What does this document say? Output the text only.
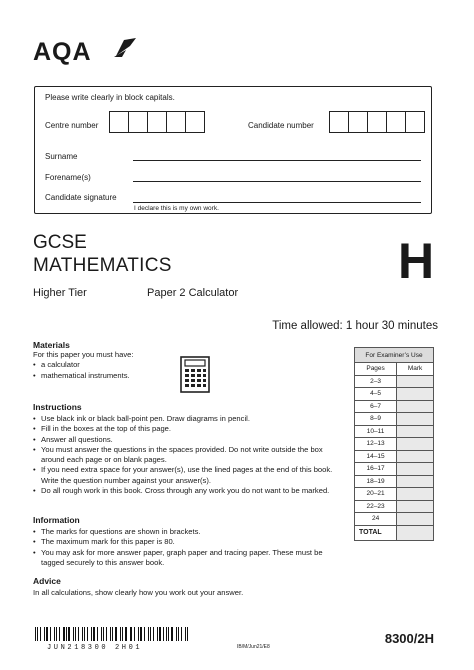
AQA
Please write clearly in block capitals.
Centre number	Candidate number
Surname
Forename(s)
Candidate signature
I declare this is my own work.
GCSE
MATHEMATICS
Higher Tier	Paper 2 Calculator
H
Time allowed: 1 hour 30 minutes
Materials
For this paper you must have:
• a calculator
• mathematical instruments.
Instructions
• Use black ink or black ball-point pen. Draw diagrams in pencil.
• Fill in the boxes at the top of this page.
• Answer all questions.
• You must answer the questions in the spaces provided. Do not write outside the box around each page or on blank pages.
• If you need extra space for your answer(s), use the lined pages at the end of this book. Write the question number against your answer(s).
• Do all rough work in this book. Cross through any work you do not want to be marked.
Information
• The marks for questions are shown in brackets.
• The maximum mark for this paper is 80.
• You may ask for more answer paper, graph paper and tracing paper. These must be tagged securely to this answer book.
Advice
In all calculations, show clearly how you work out your answer.
For Examiner’s Use	
Pages	Mark
2–3	
4–5	
6–7	
8–9	
10–11	
12–13	
14–15	
16–17	
18–19	
20–21	
22–23	
24	
TOTAL	
JUN218300 2H01	IB/M/Jun21/E8
8300/2H
